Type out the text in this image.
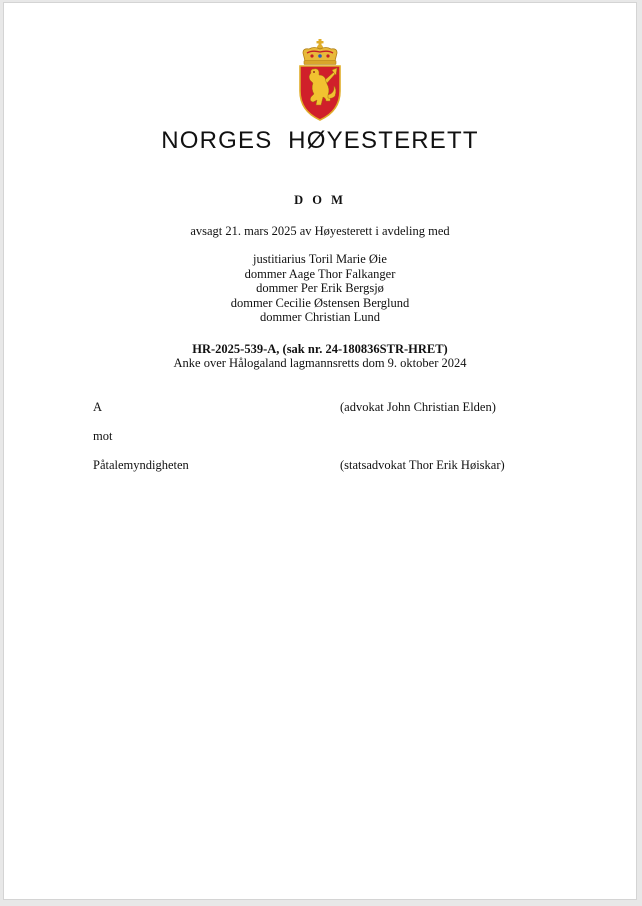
NORGES  HØYESTERETT
D O M
avsagt 21. mars 2025 av Høyesterett i avdeling med
justitiarius Toril Marie Øie
dommer Aage Thor Falkanger
dommer Per Erik Bergsjø
dommer Cecilie Østensen Berglund
dommer Christian Lund
HR-2025-539-A, (sak nr. 24-180836STR-HRET)
Anke over Hålogaland lagmannsretts dom 9. oktober 2024
A	(advokat John Christian Elden)
mot
Påtalemyndigheten	(statsadvokat Thor Erik Høiskar)
